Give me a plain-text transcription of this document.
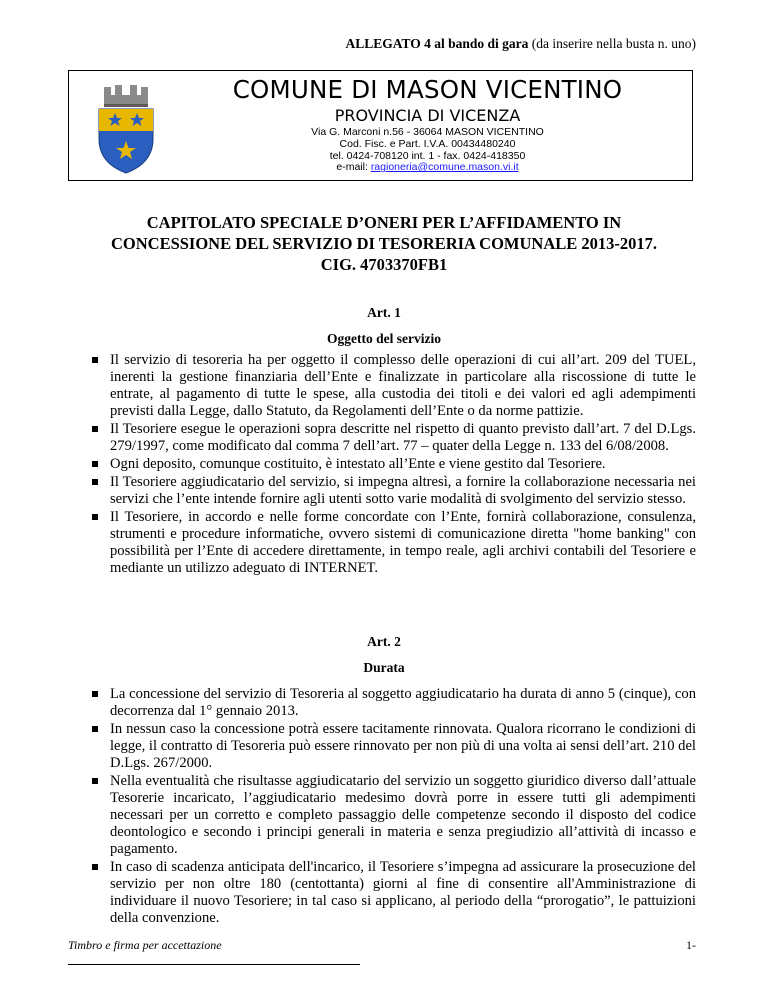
ALLEGATO 4 al bando di gara (da inserire nella busta n. uno)
COMUNE DI MASON VICENTINO
PROVINCIA DI VICENZA
Via G. Marconi n.56 - 36064 MASON VICENTINO
Cod. Fisc. e Part. I.V.A. 00434480240
tel. 0424-708120 int. 1 - fax. 0424-418350
e-mail: ragioneria@comune.mason.vi.it
CAPITOLATO SPECIALE D’ONERI PER L’AFFIDAMENTO IN
CONCESSIONE DEL SERVIZIO DI TESORERIA COMUNALE 2013-2017.
CIG. 4703370FB1
Art. 1
Oggetto del servizio
Il servizio di tesoreria ha per oggetto il complesso delle operazioni di cui all’art. 209 del TUEL, inerenti la gestione finanziaria dell’Ente e finalizzate in particolare alla riscossione di tutte le entrate, al pagamento di tutte le spese, alla custodia dei titoli e dei valori ed agli adempimenti previsti dalla Legge, dallo Statuto, da Regolamenti dell’Ente o da norme pattizie.
Il Tesoriere esegue le operazioni sopra descritte nel rispetto di quanto previsto dall’art. 7 del D.Lgs. 279/1997, come modificato dal comma 7 dell’art. 77 – quater della Legge n. 133 del 6/08/2008.
Ogni deposito, comunque costituito, è intestato all’Ente e viene gestito dal Tesoriere.
Il Tesoriere aggiudicatario del servizio, si impegna altresì, a fornire la collaborazione necessaria nei servizi che l’ente intende fornire agli utenti sotto varie modalità di svolgimento del servizio stesso.
Il Tesoriere, in accordo e nelle forme concordate con l’Ente, fornirà collaborazione, consulenza, strumenti e procedure informatiche, ovvero sistemi di comunicazione diretta "home banking" con possibilità per l’Ente di accedere direttamente, in tempo reale, agli archivi contabili del Tesoriere e mediante un utilizzo adeguato di INTERNET.
Art. 2
Durata
La concessione del servizio di Tesoreria al soggetto aggiudicatario ha durata di anno 5 (cinque), con decorrenza dal 1° gennaio 2013.
In nessun caso la concessione potrà essere tacitamente rinnovata. Qualora ricorrano le condizioni di legge, il contratto di Tesoreria può essere rinnovato per non più di una volta ai sensi dell’art. 210 del D.Lgs. 267/2000.
Nella eventualità che risultasse aggiudicatario del servizio un soggetto giuridico diverso dall’attuale Tesorerie incaricato, l’aggiudicatario medesimo dovrà porre in essere tutti gli adempimenti necessari per un corretto e completo passaggio delle competenze secondo il disposto del codice deontologico e secondo i principi generali in materia e senza pregiudizio all’attività di incasso e pagamento.
In caso di scadenza anticipata dell'incarico, il Tesoriere s’impegna ad assicurare la prosecuzione del servizio per non oltre 180 (centottanta) giorni al fine di consentire all'Amministrazione di individuare il nuovo Tesoriere; in tal caso si applicano, al periodo della “prorogatio”, le pattuizioni della convenzione.
Timbro e firma per accettazione	1-
